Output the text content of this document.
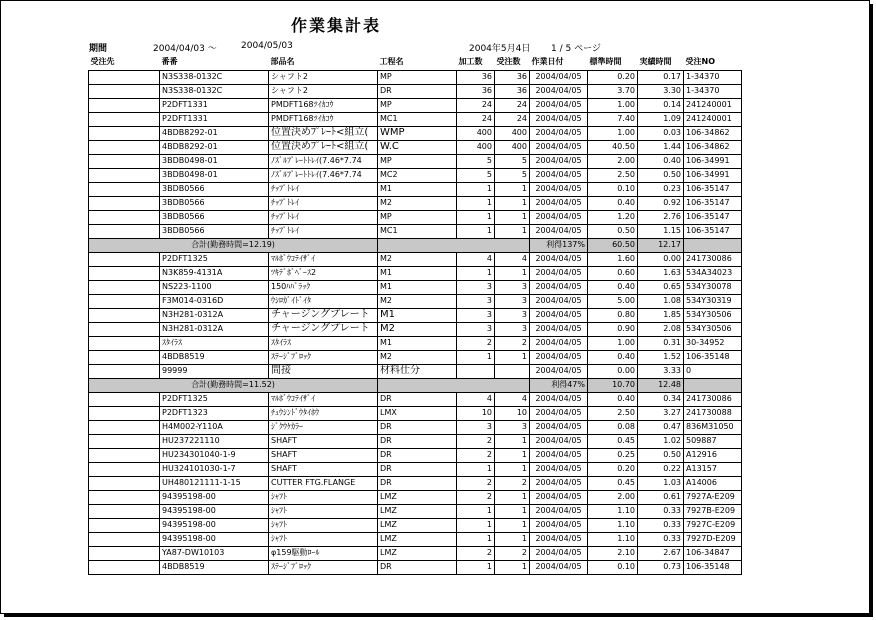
作業集計表
期間	2004/04/03 ～	2004/05/03	2004年5月4日 1 / 5 ページ
受注先	番番	部品名	工程名	加工数	受注数	作業日付	標準時間	実績時間	受注NO
	N3S338-0132C	シャフト2	MP	36	36	2004/04/05	0.20	0.17	1-34370
	N3S338-0132C	シャフト2	DR	36	36	2004/04/05	3.70	3.30	1-34370
	P2DFT1331	PMDFT168ﾂｲｶｺｳ	MP	24	24	2004/04/05	1.00	0.14	241240001
	P2DFT1331	PMDFT168ﾂｲｶｺｳ	MC1	24	24	2004/04/05	7.40	1.09	241240001
	4BDB8292-01	位置決めﾌﾟﾚｰﾄ<組立(	WMP	400	400	2004/04/05	1.00	0.03	106-34862
	4BDB8292-01	位置決めﾌﾟﾚｰﾄ<組立(	W.C	400	400	2004/04/05	40.50	1.44	106-34862
	3BDB0498-01	ﾉｽﾞﾙﾌﾟﾚｰﾄﾄﾚｲ(7.46*7.74	MP	5	5	2004/04/05	2.00	0.40	106-34991
	3BDB0498-01	ﾉｽﾞﾙﾌﾟﾚｰﾄﾄﾚｲ(7.46*7.74	MC2	5	5	2004/04/05	2.50	0.50	106-34991
	3BDB0566	ﾁｯﾌﾟﾄﾚｲ	M1	1	1	2004/04/05	0.10	0.23	106-35147
	3BDB0566	ﾁｯﾌﾟﾄﾚｲ	M2	1	1	2004/04/05	0.40	0.92	106-35147
	3BDB0566	ﾁｯﾌﾟﾄﾚｲ	MP	1	1	2004/04/05	1.20	2.76	106-35147
	3BDB0566	ﾁｯﾌﾟﾄﾚｲ	MC1	1	1	2004/04/05	0.50	1.15	106-35147
合計(勤務時間=12.19)						利得137%	60.50	12.17	
	P2DFT1325	ﾏﾙﾎﾞｳｺﾃｲｻﾞｲ	M2	4	4	2004/04/05	1.60	0.00	241730086
	N3K859-4131A	ﾂｷﾃﾞﾎﾞﾍﾞｰｽ2	M1	1	1	2004/04/05	0.60	1.63	534A34023
	NS223-1100	150ﾊﾊﾞﾗｯｸ	M1	3	3	2004/04/05	0.40	0.65	534Y30078
	F3M014-0316D	ｳｼﾛｶﾞｲﾄﾞｲﾀ	M2	3	3	2004/04/05	5.00	1.08	534Y30319
	N3H281-0312A	チャージングプレート	M1	3	3	2004/04/05	0.80	1.85	534Y30506
	N3H281-0312A	チャージングプレート	M2	3	3	2004/04/05	0.90	2.08	534Y30506
	ｽﾀｲﾗｽ	ｽﾀｲﾗｽ	M1	2	2	2004/04/05	1.00	0.31	30-34952
	4BDB8519	ｽﾃｰｼﾞﾌﾞﾛｯｸ	M2	1	1	2004/04/05	0.40	1.52	106-35148
	99999	間接	材料仕分			2004/04/05	0.00	3.33	0
合計(勤務時間=11.52)						利得47%	10.70	12.48	
	P2DFT1325	ﾏﾙﾎﾞｳｺﾃｲｻﾞｲ	DR	4	4	2004/04/05	0.40	0.34	241730086
	P2DFT1323	ﾁｭｳｼﾝﾄﾞｳﾀｲﾎｳ	LMX	10	10	2004/04/05	2.50	3.27	241730088
	H4M002-Y110A	ｼﾞｸｳｹｶﾗｰ	DR	3	3	2004/04/05	0.08	0.47	836M31050
	HU237221110	SHAFT	DR	2	1	2004/04/05	0.45	1.02	509887
	HU234301040-1-9	SHAFT	DR	2	1	2004/04/05	0.25	0.50	A12916
	HU324101030-1-7	SHAFT	DR	1	1	2004/04/05	0.20	0.22	A13157
	UH480121111-1-15	CUTTER FTG.FLANGE	DR	2	2	2004/04/05	0.45	1.03	A14006
	94395198-00	ｼｬﾌﾄ	LMZ	2	1	2004/04/05	2.00	0.61	7927A-E209
	94395198-00	ｼｬﾌﾄ	LMZ	1	1	2004/04/05	1.10	0.33	7927B-E209
	94395198-00	ｼｬﾌﾄ	LMZ	1	1	2004/04/05	1.10	0.33	7927C-E209
	94395198-00	ｼｬﾌﾄ	LMZ	1	1	2004/04/05	1.10	0.33	7927D-E209
	YA87-DW10103	φ159駆動ﾛｰﾙ	LMZ	2	2	2004/04/05	2.10	2.67	106-34847
	4BDB8519	ｽﾃｰｼﾞﾌﾞﾛｯｸ	DR	1	1	2004/04/05	0.10	0.73	106-35148
